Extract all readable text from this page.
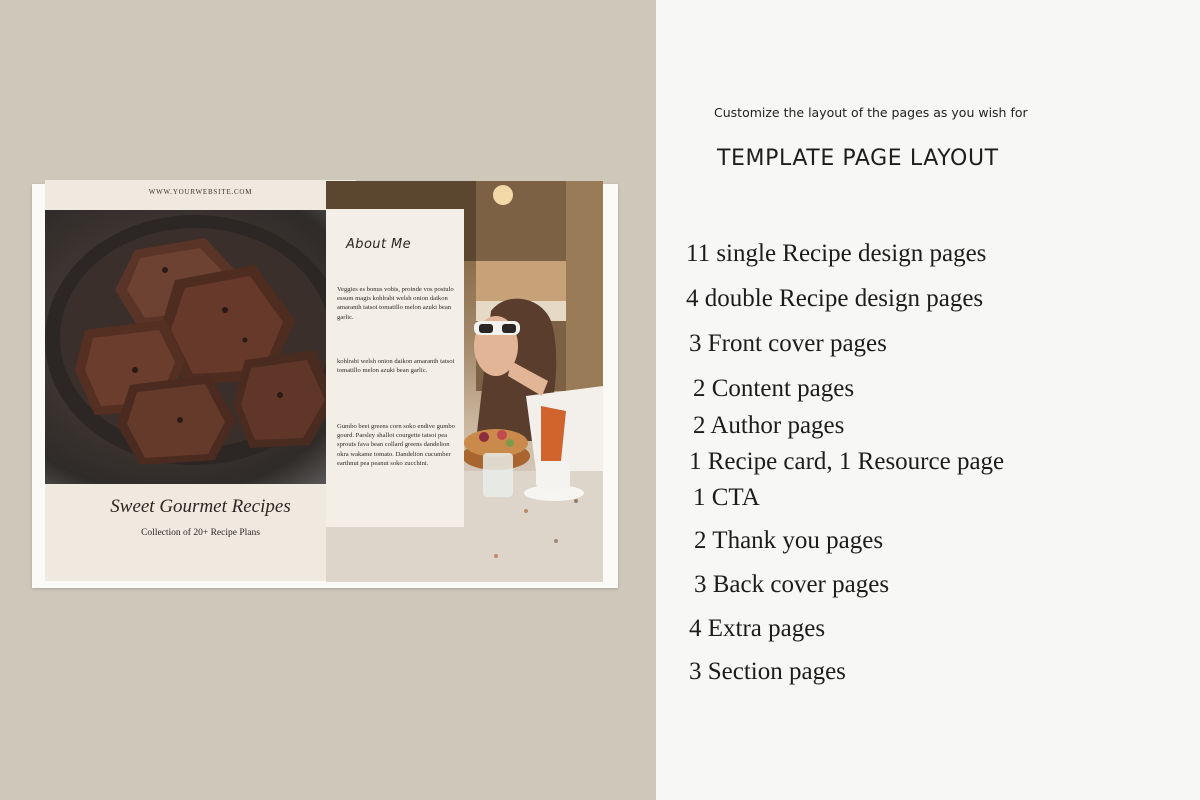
WWW.YOURWEBSITE.COM
Sweet Gourmet Recipes
Collection of 20+ Recipe Plans
About Me

Veggies es bonus vobis, proinde vos postulo essum magis kohlrabi welsh onion daikon amaranth tatsoi tomatillo melon azuki bean garlic.

kohlrabi welsh onion daikon amaranth tatsoi tomatillo melon azuki bean garlic.

Gumbo beet greens corn soko endive gumbo gourd. Parsley shallot courgette tatsoi pea sprouts fava bean collard greens dandelion okra wakame tomato. Dandelion cucumber earthnut pea peanut soko zucchini.

Customize the layout of the pages as you wish for
TEMPLATE PAGE LAYOUT
11 single Recipe design pages
4 double Recipe design pages
3 Front cover pages
2 Content pages
2 Author pages
1 Recipe card, 1 Resource page
1 CTA
2 Thank you pages
3 Back cover pages
4 Extra pages
3 Section pages
